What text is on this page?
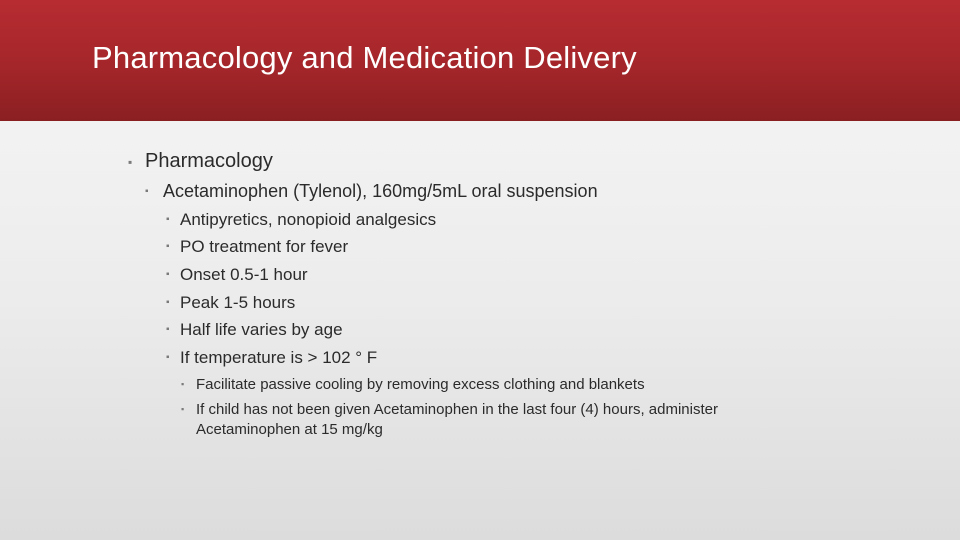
Pharmacology and Medication Delivery
▪ Pharmacology
▪ Acetaminophen (Tylenol), 160mg/5mL oral suspension
▪ Antipyretics, nonopioid analgesics
▪ PO treatment for fever
▪ Onset 0.5-1 hour
▪ Peak 1-5 hours
▪ Half life varies by age
▪ If temperature is > 102 ° F
▪ Facilitate passive cooling by removing excess clothing and blankets
▪ If child has not been given Acetaminophen in the last four (4) hours, administer
Acetaminophen at 15 mg/kg
